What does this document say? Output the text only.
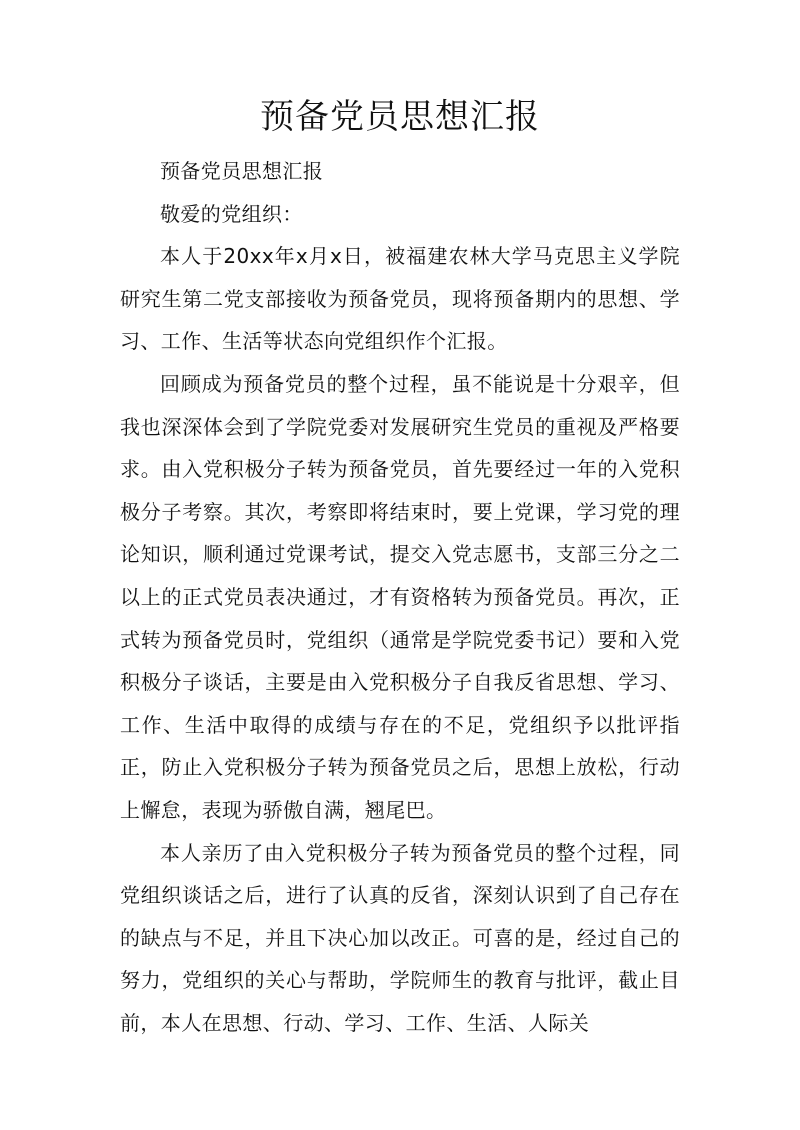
预备党员思想汇报

预备党员思想汇报

敬爱的党组织：

本人于20xx年x月x日，被福建农林大学马克思主义学院研究生第二党支部接收为预备党员，现将预备期内的思想、学习、工作、生活等状态向党组织作个汇报。

回顾成为预备党员的整个过程，虽不能说是十分艰辛，但我也深深体会到了学院党委对发展研究生党员的重视及严格要求。由入党积极分子转为预备党员，首先要经过一年的入党积极分子考察。其次，考察即将结束时，要上党课，学习党的理论知识，顺利通过党课考试，提交入党志愿书，支部三分之二以上的正式党员表决通过，才有资格转为预备党员。再次，正式转为预备党员时，党组织（通常是学院党委书记）要和入党积极分子谈话，主要是由入党积极分子自我反省思想、学习、工作、生活中取得的成绩与存在的不足，党组织予以批评指正，防止入党积极分子转为预备党员之后，思想上放松，行动上懈怠，表现为骄傲自满，翘尾巴。

本人亲历了由入党积极分子转为预备党员的整个过程，同党组织谈话之后，进行了认真的反省，深刻认识到了自己存在的缺点与不足，并且下决心加以改正。可喜的是，经过自己的努力，党组织的关心与帮助，学院师生的教育与批评，截止目前，本人在思想、行动、学习、工作、生活、人际关
